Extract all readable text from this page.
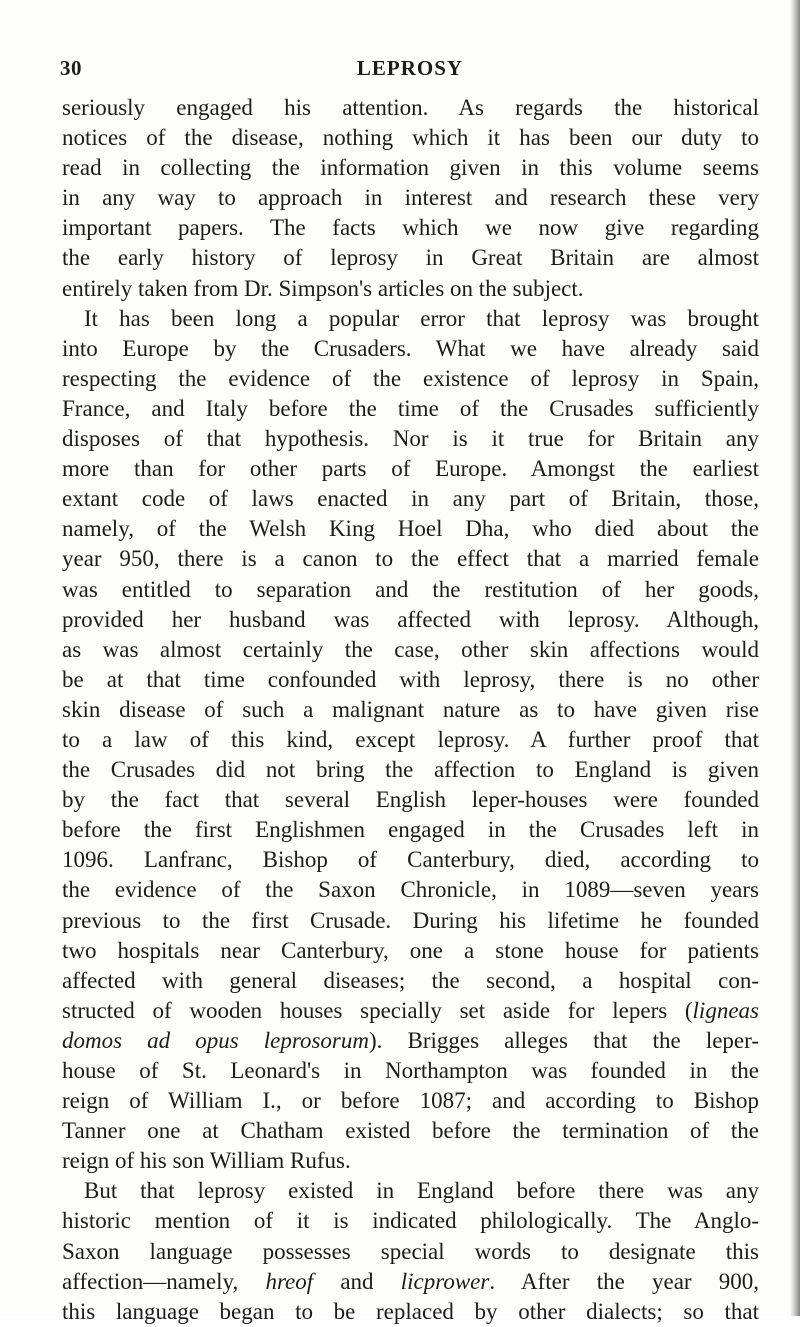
30	LEPROSY

seriously engaged his attention. As regards the historical
notices of the disease, nothing which it has been our duty to
read in collecting the information given in this volume seems
in any way to approach in interest and research these very
important papers. The facts which we now give regarding
the early history of leprosy in Great Britain are almost
entirely taken from Dr. Simpson's articles on the subject.

It has been long a popular error that leprosy was brought
into Europe by the Crusaders. What we have already said
respecting the evidence of the existence of leprosy in Spain,
France, and Italy before the time of the Crusades sufficiently
disposes of that hypothesis. Nor is it true for Britain any
more than for other parts of Europe. Amongst the earliest
extant code of laws enacted in any part of Britain, those,
namely, of the Welsh King Hoel Dha, who died about the
year 950, there is a canon to the effect that a married female
was entitled to separation and the restitution of her goods,
provided her husband was affected with leprosy. Although,
as was almost certainly the case, other skin affections would
be at that time confounded with leprosy, there is no other
skin disease of such a malignant nature as to have given rise
to a law of this kind, except leprosy. A further proof that
the Crusades did not bring the affection to England is given
by the fact that several English leper-houses were founded
before the first Englishmen engaged in the Crusades left in
1096. Lanfranc, Bishop of Canterbury, died, according to
the evidence of the Saxon Chronicle, in 1089—seven years
previous to the first Crusade. During his lifetime he founded
two hospitals near Canterbury, one a stone house for patients
affected with general diseases; the second, a hospital con-
structed of wooden houses specially set aside for lepers (ligneas
domos ad opus leprosorum). Brigges alleges that the leper-
house of St. Leonard's in Northampton was founded in the
reign of William I., or before 1087; and according to Bishop
Tanner one at Chatham existed before the termination of the
reign of his son William Rufus.

But that leprosy existed in England before there was any
historic mention of it is indicated philologically. The Anglo-
Saxon language possesses special words to designate this
affection—namely, hreof and licprower. After the year 900,
this language began to be replaced by other dialects; so that
